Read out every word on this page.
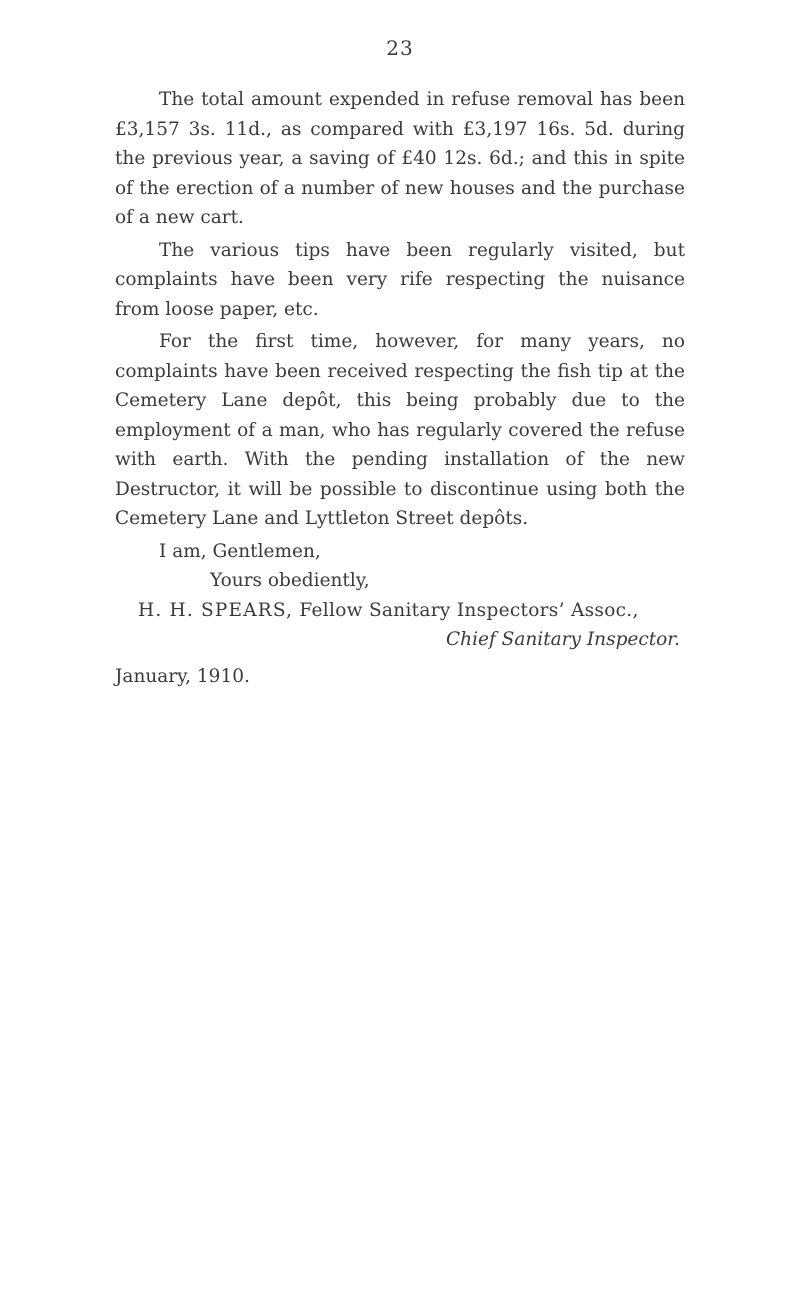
23

The total amount expended in refuse removal has been £3,157 3s. 11d., as compared with £3,197 16s. 5d. during the previous year, a saving of £40 12s. 6d.; and this in spite of the erection of a number of new houses and the purchase of a new cart.

The various tips have been regularly visited, but complaints have been very rife respecting the nuisance from loose paper, etc.

For the first time, however, for many years, no complaints have been received respecting the fish tip at the Cemetery Lane depôt, this being probably due to the employment of a man, who has regularly covered the refuse with earth. With the pending installation of the new Destructor, it will be possible to discontinue using both the Cemetery Lane and Lyttleton Street depôts.

I am, Gentlemen,

Yours obediently,

H. H. SPEARS, Fellow Sanitary Inspectors’ Assoc.,

Chief Sanitary Inspector.

January, 1910.
